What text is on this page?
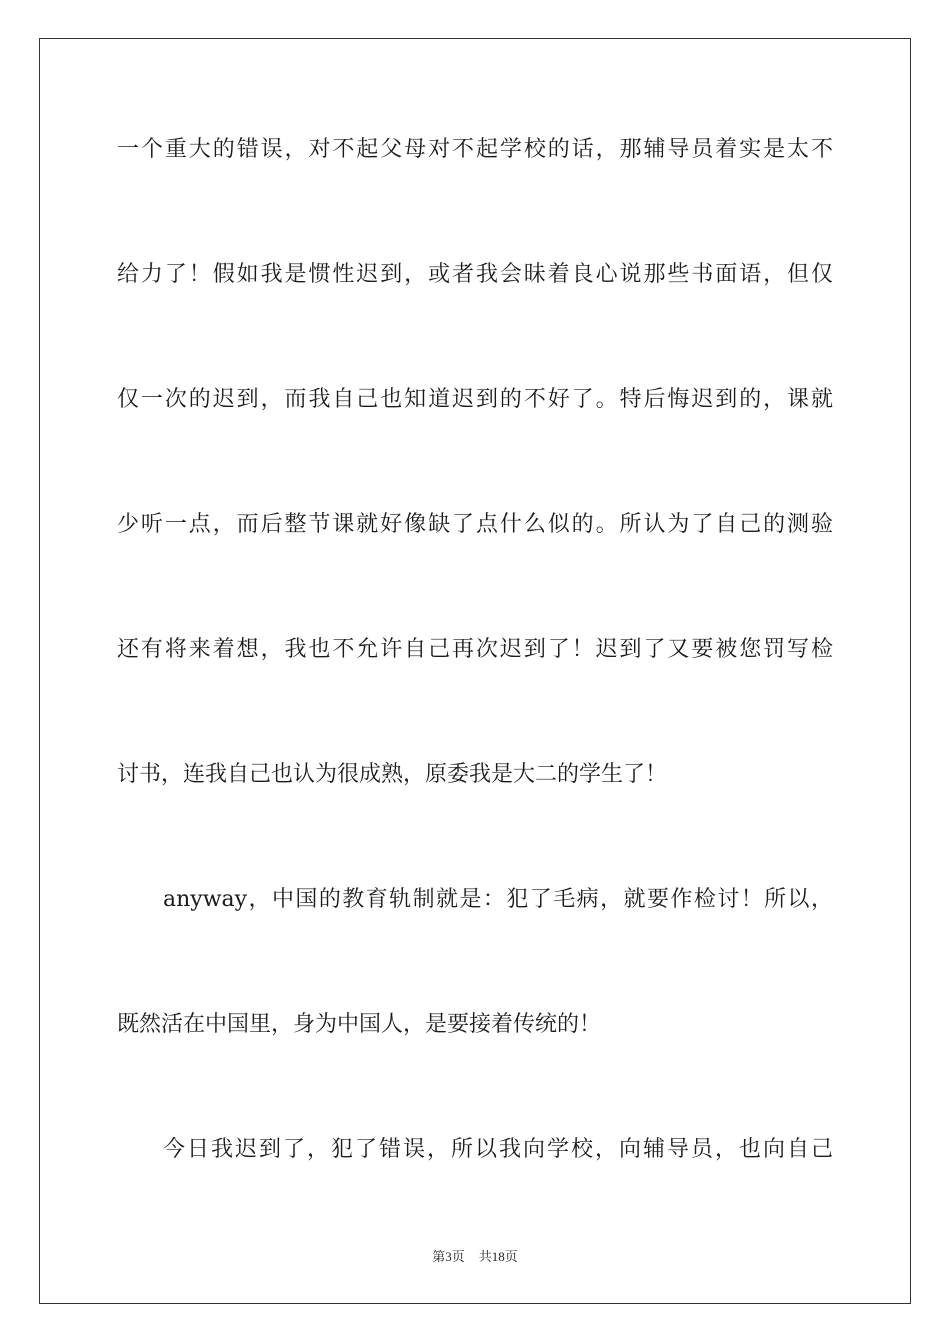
一个重大的错误，对不起父母对不起学校的话，那辅导员着实是太不
给力了！假如我是惯性迟到，或者我会昧着良心说那些书面语，但仅
仅一次的迟到，而我自己也知道迟到的不好了。特后悔迟到的，课就
少听一点，而后整节课就好像缺了点什么似的。所认为了自己的测验
还有将来着想，我也不允许自己再次迟到了！迟到了又要被您罚写检
讨书，连我自己也认为很成熟，原委我是大二的学生了！
anyway，中国的教育轨制就是：犯了毛病，就要作检讨！所以，
既然活在中国里，身为中国人，是要接着传统的！
今日我迟到了，犯了错误，所以我向学校，向辅导员，也向自己
第3页 共18页
